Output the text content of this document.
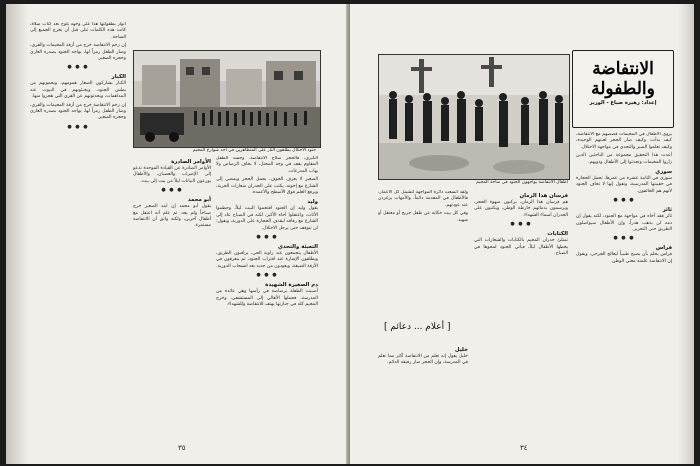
جنود الاحتلال يطلقون النار على المتظاهرين في أحد شوارع المخيم

الكبرى، فالحجر سلاح الانتفاضة، وجسد الطفل المقاوم يقف في وجه المحتل، لا يخاف الرصاص ولا يهاب المدرعات.

الصغير لا يعرف الخوف، يحمل الحجر ويمضي إلى الشارع مع إخوته، يكتب على الجدران شعارات الحرية، ويرفع العلم فوق الأسطح والأعمدة.

وليد

يقول وليد إن الجنود اقتحموا البيت ليلاً، وحطموا الأثاث، واعتقلوا أخاه الأكبر، لكنه في الصباح عاد إلى الشارع مع رفاقه ليقذف الحجارة على الدورية، ويقول: لن نتوقف حتى يرحل الاحتلال.

● ● ●
التعبئة والتحدي

الأطفال يتجمعون عند زاوية الحي، يراقبون الطريق، ويطلقون الإشارة عند اقتراب الجنود، ثم يتفرقون في الأزقة الضيقة، ويعودون من جديد بعد انسحاب الدورية.

● ● ●
دم الصغيرة الشهيدة

أصيبت الطفلة برصاصة في رأسها وهي عائدة من المدرسة، فحملها الأهالي إلى المستشفى، وخرج المخيم كله في جنازتها يهتف للانتفاضة وللشهداء.

الأوامر الصادرة

الأوامر الصادرة عن القيادة الموحدة تدعو إلى الإضراب والعصيان، والأطفال يوزعون البيانات ليلاً من بيت إلى بيت.

● ● ●
أبو محمد

يقول أبو محمد إن ابنه الصغير خرج صباحاً ولم يعد، ثم علم أنه اعتقل مع أطفال آخرين، ولكنه واثق أن الانتفاضة مستمرة.

أنوار بطفولتها هذا على وجهه يلوح بعد كتاب صلاة، كانت هذه الكلمات تتلى قبل أن يخرج الجميع إلى الساحة.

إن زخم الانتفاضة خرج من أزقة المخيمات والقرى، وصار الطفل رمزاً لها، يواجه الجنود بصدره العاري وحجره الصغير.

● ● ●
الكبار

الكبار يشاركون الصغار همومهم، ويحمونهم من بطش الجنود، ويخبئونهم في البيوت عند المداهمات، ويحدثونهم عن القرى التي هجروا منها.

إن زخم الانتفاضة خرج من أزقة المخيمات والقرى، وصار الطفل رمزاً لها، يواجه الجنود بصدره العاري وحجره الصغير.

● ● ●
٣٥
أطفال الانتفاضة يواجهون الجنود في ساحة المخيم
الانتفاضة والطفولة
إعداد: زهيرة صباغ - الوزير

يروي الأطفال في المخيمات قصصهم مع الانتفاضة، كيف بدأت، وكيف صار الحجر لعبتهم الوحيدة، وكيف تعلموا الصبر والتحدي في مواجهة الاحتلال.

أعدت هذا التحقيق مجموعة من الباحثين الذين زاروا المخيمات وتحدثوا إلى الأطفال وذويهم.

سوزي

سوزي في الثانية عشرة من عمرها، تحمل الحجارة في حقيبتها المدرسية، وتقول إنها لا تخاف الجنود لأنهم هم الخائفون.

● ● ●
ثائر

ثائر فقد أخاه في مواجهة مع الجنود، لكنه يقول إن دمه لن يذهب هدراً، وإن الأطفال سيواصلون الطريق حتى التحرير.

● ● ●
فراس

فراس يحلم بأن يصبح طبيباً ليعالج الجرحى، ويقول إن الانتفاضة علمته معنى الوطن.

فرسان هذا الزمان

هم فرسان هذا الزمان، يركبون صهوة الحجر، ويرسمون بدمائهم خارطة الوطن، ويكتبون على الجدران أسماء الشهداء.

● ● ●
الكتابات

تمتلئ جدران المخيم بالكتابات والشعارات التي يخطها الأطفال ليلاً، فيأتي الجنود لمحوها في الصباح.

ولقد اتسعت دائرة المواجهة لتشمل كل الأعمار، فالأطفال في المقدمة دائماً، والأمهات يزغردن عند عودتهم.

وفي كل بيت حكاية عن طفل جريح أو معتقل أو شهيد.

[ أعلام ... دعائم ]
خليل

خليل يقول إنه تعلم من الانتفاضة أكثر مما تعلم في المدرسة، وإن الحجر صار رفيقه الدائم.

٣٤
